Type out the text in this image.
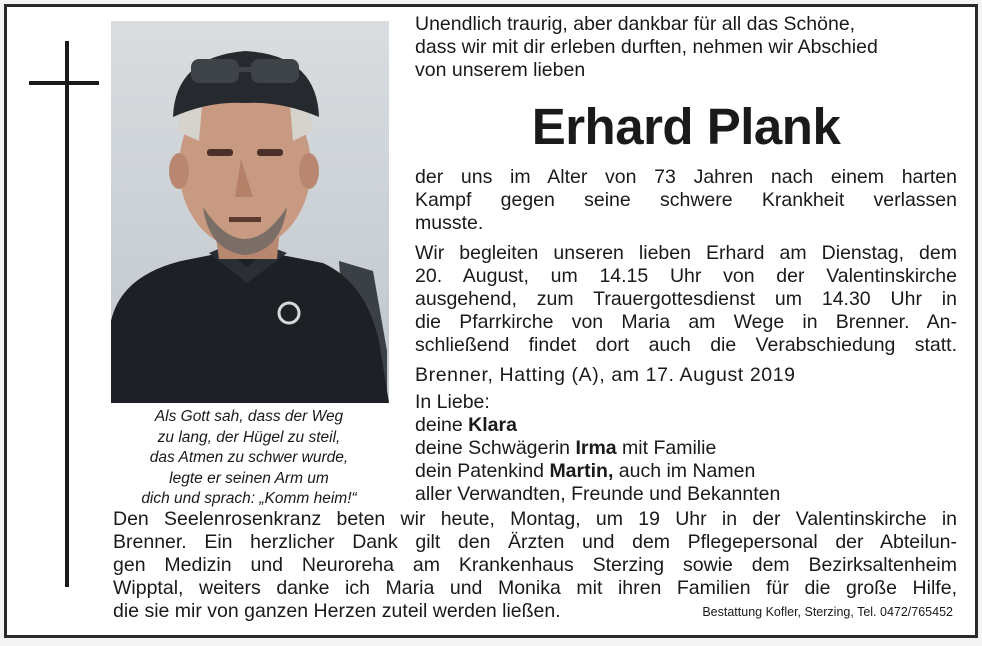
Als Gott sah, dass der Weg
zu lang, der Hügel zu steil,
das Atmen zu schwer wurde,
legte er seinen Arm um
dich und sprach: „Komm heim!“
Unendlich traurig, aber dankbar für all das Schöne,
dass wir mit dir erleben durften, nehmen wir Abschied
von unserem lieben
Erhard Plank
der uns im Alter von 73 Jahren nach einem harten
Kampf gegen seine schwere Krankheit verlassen
musste.
Wir begleiten unseren lieben Erhard am Dienstag, dem
20. August, um 14.15 Uhr von der Valentinskirche
ausgehend, zum Trauergottesdienst um 14.30 Uhr in
die Pfarrkirche von Maria am Wege in Brenner. An-
schließend findet dort auch die Verabschiedung statt.
Brenner, Hatting (A), am 17. August 2019
In Liebe:
deine Klara
deine Schwägerin Irma mit Familie
dein Patenkind Martin, auch im Namen
aller Verwandten, Freunde und Bekannten
Den Seelenrosenkranz beten wir heute, Montag, um 19 Uhr in der Valentinskirche in
Brenner. Ein herzlicher Dank gilt den Ärzten und dem Pflegepersonal der Abteilun-
gen Medizin und Neuroreha am Krankenhaus Sterzing sowie dem Bezirksaltenheim
Wipptal, weiters danke ich Maria und Monika mit ihren Familien für die große Hilfe,
die sie mir von ganzen Herzen zuteil werden ließen.	Bestattung Kofler, Sterzing, Tel. 0472/765452
